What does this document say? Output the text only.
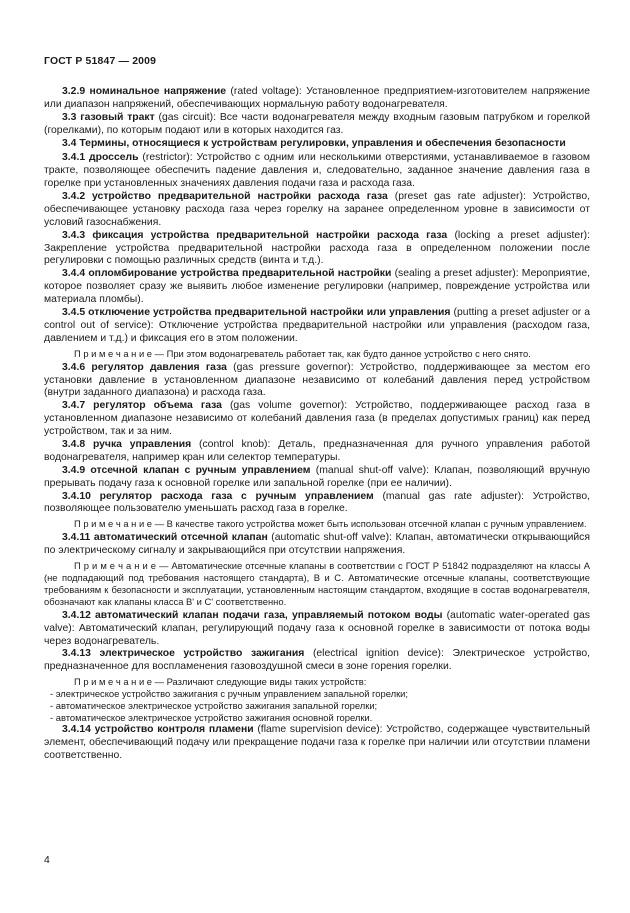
ГОСТ Р 51847 — 2009

3.2.9 номинальное напряжение (rated voltage): Установленное предприятием-изготовителем напряжение или диапазон напряжений, обеспечивающих нормальную работу водонагревателя.

3.3 газовый тракт (gas circuit): Все части водонагревателя между входным газовым патрубком и горелкой (горелками), по которым подают или в которых находится газ.

3.4 Термины, относящиеся к устройствам регулировки, управления и обеспечения безопасности

3.4.1 дроссель (restrictor): Устройство с одним или несколькими отверстиями, устанавливаемое в газовом тракте, позволяющее обеспечить падение давления и, следовательно, заданное значение давления газа в горелке при установленных значениях давления подачи газа и расхода газа.

3.4.2 устройство предварительной настройки расхода газа (preset gas rate adjuster): Устройство, обеспечивающее установку расхода газа через горелку на заранее определенном уровне в зависимости от условий газоснабжения.

3.4.3 фиксация устройства предварительной настройки расхода газа (locking a preset adjuster): Закрепление устройства предварительной настройки расхода газа в определенном положении после регулировки с помощью различных средств (винта и т.д.).

3.4.4 опломбирование устройства предварительной настройки (sealing a preset adjuster): Мероприятие, которое позволяет сразу же выявить любое изменение регулировки (например, повреждение устройства или материала пломбы).

3.4.5 отключение устройства предварительной настройки или управления (putting a preset adjuster or a control out of service): Отключение устройства предварительной настройки или управления (расходом газа, давлением и т.д.) и фиксация его в этом положении.

П р и м е ч а н и е — При этом водонагреватель работает так, как будто данное устройство с него снято.

3.4.6 регулятор давления газа (gas pressure governor): Устройство, поддерживающее за местом его установки давление в установленном диапазоне независимо от колебаний давления перед устройством (внутри заданного диапазона) и расхода газа.

3.4.7 регулятор объема газа (gas volume governor): Устройство, поддерживающее расход газа в установленном диапазоне независимо от колебаний давления газа (в пределах допустимых границ) как перед устройством, так и за ним.

3.4.8 ручка управления (control knob): Деталь, предназначенная для ручного управления работой водонагревателя, например кран или селектор температуры.

3.4.9 отсечной клапан с ручным управлением (manual shut-off valve): Клапан, позволяющий вручную прерывать подачу газа к основной горелке или запальной горелке (при ее наличии).

3.4.10 регулятор расхода газа с ручным управлением (manual gas rate adjuster): Устройство, позволяющее пользователю уменьшать расход газа в горелке.

П р и м е ч а н и е — В качестве такого устройства может быть использован отсечной клапан с ручным управлением.

3.4.11 автоматический отсечной клапан (automatic shut-off valve): Клапан, автоматически открывающийся по электрическому сигналу и закрывающийся при отсутствии напряжения.

П р и м е ч а н и е — Автоматические отсечные клапаны в соответствии с ГОСТ Р 51842 подразделяют на классы А (не подпадающий под требования настоящего стандарта), В и С. Автоматические отсечные клапаны, соответствующие требованиям к безопасности и эксплуатации, установленным настоящим стандартом, входящие в состав водонагревателя, обозначают как клапаны класса В' и С' соответственно.

3.4.12 автоматический клапан подачи газа, управляемый потоком воды (automatic water-operated gas valve): Автоматический клапан, регулирующий подачу газа к основной горелке в зависимости от потока воды через водонагреватель.

3.4.13 электрическое устройство зажигания (electrical ignition device): Электрическое устройство, предназначенное для воспламенения газовоздушной смеси в зоне горения горелки.

П р и м е ч а н и е — Различают следующие виды таких устройств:

- электрическое устройство зажигания с ручным управлением запальной горелки;

- автоматическое электрическое устройство зажигания запальной горелки;

- автоматическое электрическое устройство зажигания основной горелки.

3.4.14 устройство контроля пламени (flame supervision device): Устройство, содержащее чувствительный элемент, обеспечивающий подачу или прекращение подачи газа к горелке при наличии или отсутствии пламени соответственно.

4
